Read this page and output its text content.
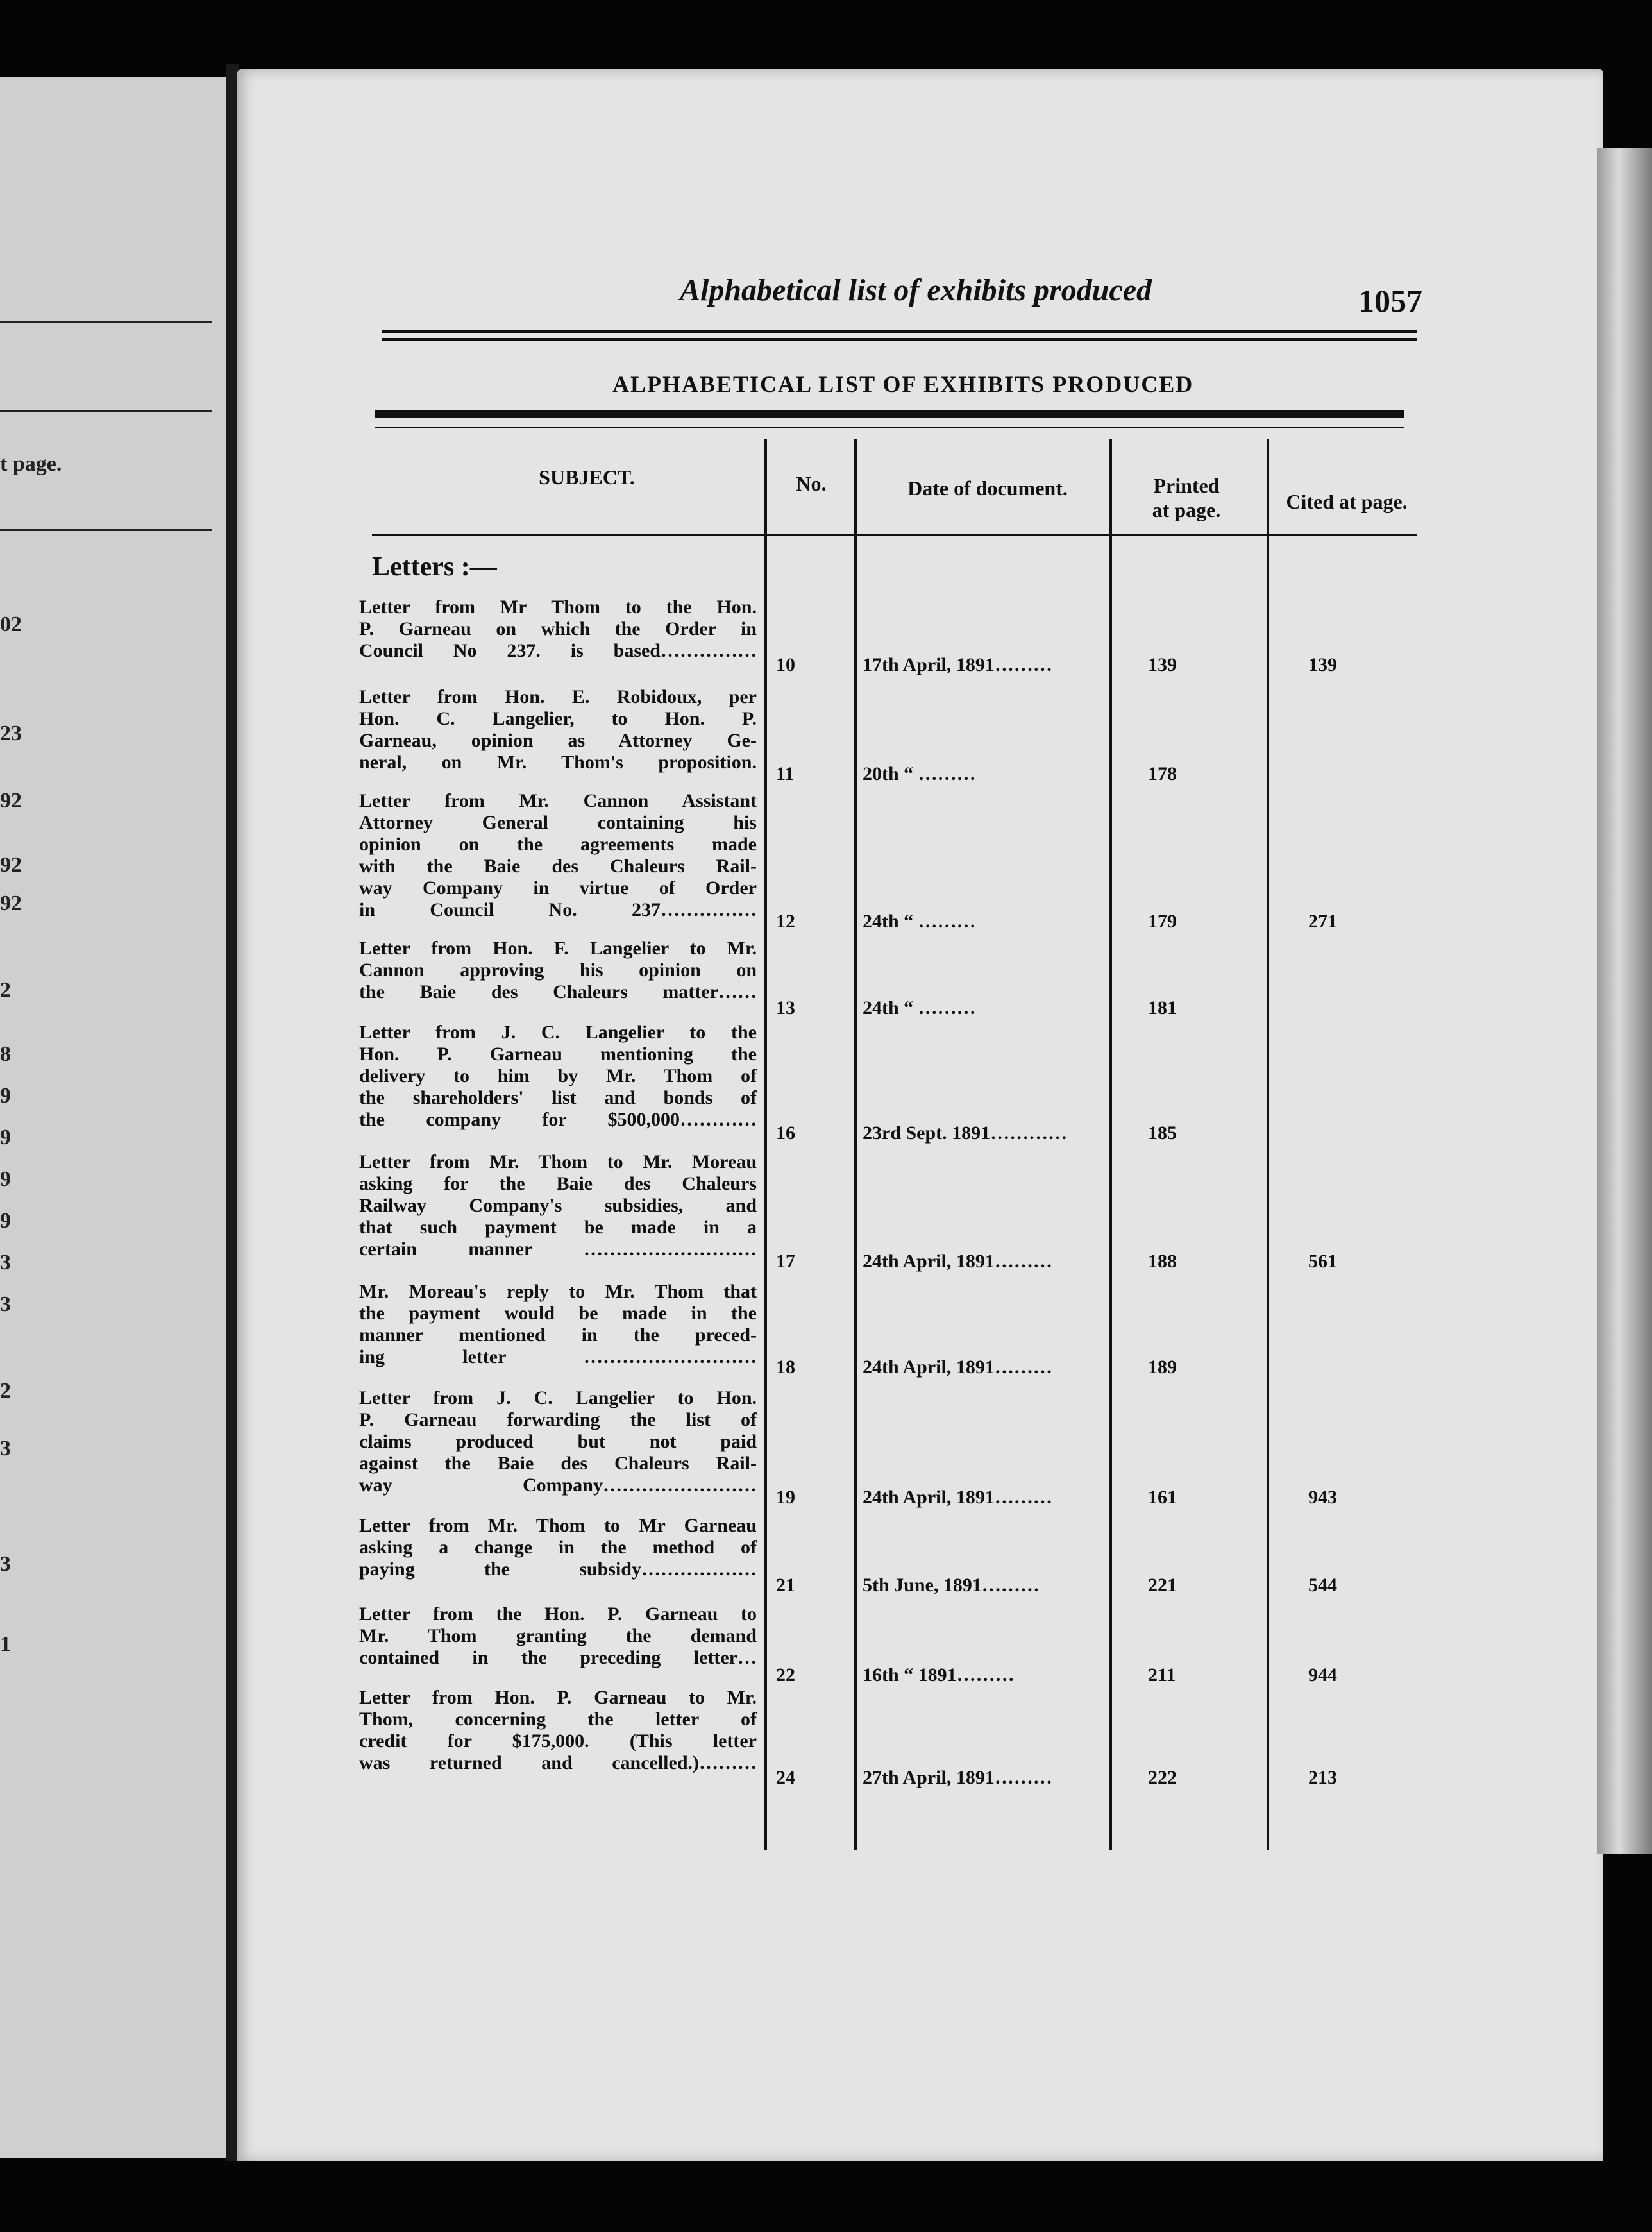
t page.
02
23
92
92
92
2
8
9
9
9
9
3
3
2
3
3
1
Alphabetical list of exhibits produced	1057
ALPHABETICAL LIST OF EXHIBITS PRODUCED
SUBJECT.	No.	Date of document.	Printed
at page.	Cited at page.
Letters :—
Letter from Mr Thom to the Hon.
P. Garneau on which the Order in
Council No 237. is based……………
10	17th April, 1891………	139	139
Letter from Hon. E. Robidoux, per
Hon. C. Langelier, to Hon. P.
Garneau, opinion as Attorney Ge-
neral, on Mr. Thom's proposition.
11	20th “ ………	178
Letter from Mr. Cannon Assistant
Attorney General containing his
opinion on the agreements made
with the Baie des Chaleurs Rail-
way Company in virtue of Order
in Council No. 237……………
12	24th “ ………	179	271
Letter from Hon. F. Langelier to Mr.
Cannon approving his opinion on
the Baie des Chaleurs matter……
13	24th “ ………	181
Letter from J. C. Langelier to the
Hon. P. Garneau mentioning the
delivery to him by Mr. Thom of
the shareholders' list and bonds of
the company for $500,000…………
16	23rd Sept. 1891…………	185
Letter from Mr. Thom to Mr. Moreau
asking for the Baie des Chaleurs
Railway Company's subsidies, and
that such payment be made in a
certain manner ………………………
17	24th April, 1891………	188	561
Mr. Moreau's reply to Mr. Thom that
the payment would be made in the
manner mentioned in the preced-
ing letter ……………………… 18	24th April, 1891………	189
Letter from J. C. Langelier to Hon.
P. Garneau forwarding the list of
claims produced but not paid
against the Baie des Chaleurs Rail-
way Company……………………
19	24th April, 1891………	161	943
Letter from Mr. Thom to Mr Garneau
asking a change in the method of
paying the subsidy………………
21	5th June, 1891………	221	544
Letter from the Hon. P. Garneau to
Mr. Thom granting the demand
contained in the preceding letter…
22	16th “ 1891………	211	944
Letter from Hon. P. Garneau to Mr.
Thom, concerning the letter of
credit for $175,000. (This letter
was returned and cancelled.)………
24	27th April, 1891………	222	213
